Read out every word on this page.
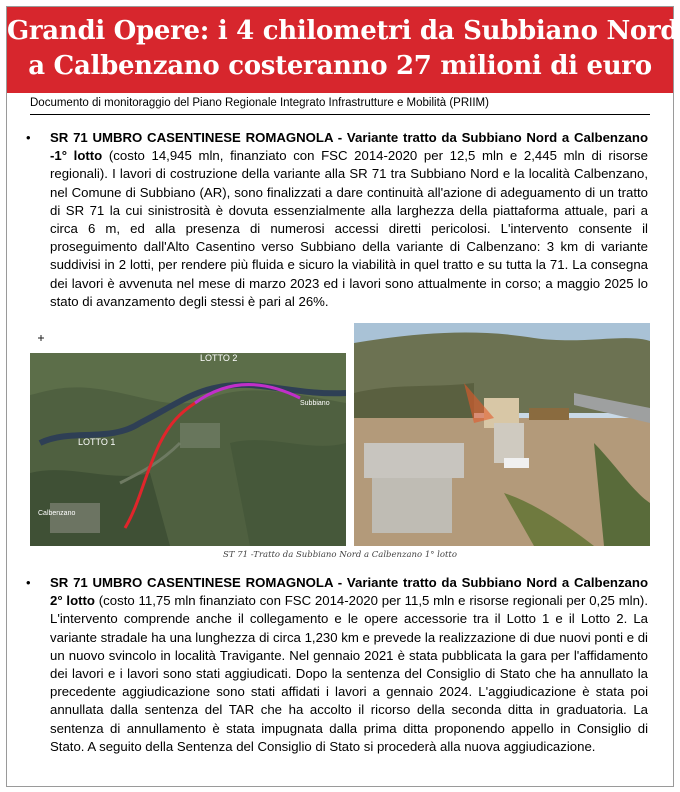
Grandi Opere: i 4 chilometri da Subbiano Nord
a Calbenzano costeranno 27 milioni di euro
Documento di monitoraggio del Piano Regionale Integrato Infrastrutture e Mobilità (PRIIM)
• SR 71 UMBRO CASENTINESE ROMAGNOLA - Variante tratto da Subbiano Nord a Calbenzano -1° lotto (costo 14,945 mln, finanziato con FSC 2014-2020 per 12,5 mln e 2,445 mln di risorse regionali). I lavori di costruzione della variante alla SR 71 tra Subbiano Nord e la località Calbenzano, nel Comune di Subbiano (AR), sono finalizzati a dare continuità all'azione di adeguamento di un tratto di SR 71 la cui sinistrosità è dovuta essenzialmente alla larghezza della piattaforma attuale, pari a circa 6 m, ed alla presenza di numerosi accessi diretti pericolosi. L'intervento consente il proseguimento dall'Alto Casentino verso Subbiano della variante di Calbenzano: 3 km di variante suddivisi in 2 lotti, per rendere più fluida e sicuro la viabilità in quel tratto e su tutta la 71. La consegna dei lavori è avvenuta nel mese di marzo 2023 ed i lavori sono attualmente in corso; a maggio 2025 lo stato di avanzamento degli stessi è pari al 26%.
LOTTO 2
LOTTO 1
Subbiano
Calbenzano
ST 71 -Tratto da Subbiano Nord a Calbenzano 1° lotto
• SR 71 UMBRO CASENTINESE ROMAGNOLA - Variante tratto da Subbiano Nord a Calbenzano 2° lotto (costo 11,75 mln finanziato con FSC 2014-2020 per 11,5 mln e risorse regionali per 0,25 mln). L'intervento comprende anche il collegamento e le opere accessorie tra il Lotto 1 e il Lotto 2. La variante stradale ha una lunghezza di circa 1,230 km e prevede la realizzazione di due nuovi ponti e di un nuovo svincolo in località Travigante. Nel gennaio 2021 è stata pubblicata la gara per l'affidamento dei lavori e i lavori sono stati aggiudicati. Dopo la sentenza del Consiglio di Stato che ha annullato la precedente aggiudicazione sono stati affidati i lavori a gennaio 2024. L'aggiudicazione è stata poi annullata dalla sentenza del TAR che ha accolto il ricorso della seconda ditta in graduatoria. La sentenza di annullamento è stata impugnata dalla prima ditta proponendo appello in Consiglio di Stato. A seguito della Sentenza del Consiglio di Stato si procederà alla nuova aggiudicazione.
